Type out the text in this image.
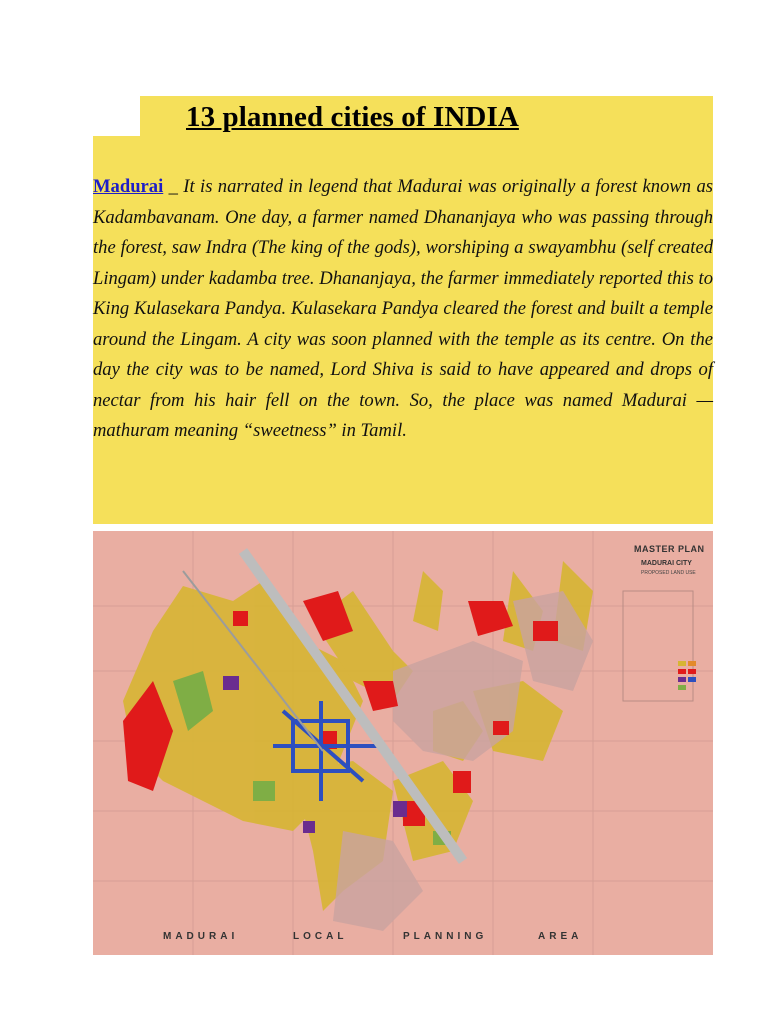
13 planned cities of INDIA
Madurai _ It is narrated in legend that Madurai was originally a forest known as Kadambavanam. One day, a farmer named Dhananjaya who was passing through the forest, saw Indra (The king of the gods), worshiping a swayambhu (self created Lingam) under kadamba tree. Dhananjaya, the farmer immediately reported this to King Kulasekara Pandya. Kulasekara Pandya cleared the forest and built a temple around the Lingam. A city was soon planned with the temple as its centre. On the day the city was to be named, Lord Shiva is said to have appeared and drops of nectar from his hair fell on the town. So, the place was named Madurai — mathuram meaning “sweetness” in Tamil.
MASTER PLAN
MADURAI CITY
PROPOSED LAND USE
MADURAI	LOCAL	PLANNING	AREA
